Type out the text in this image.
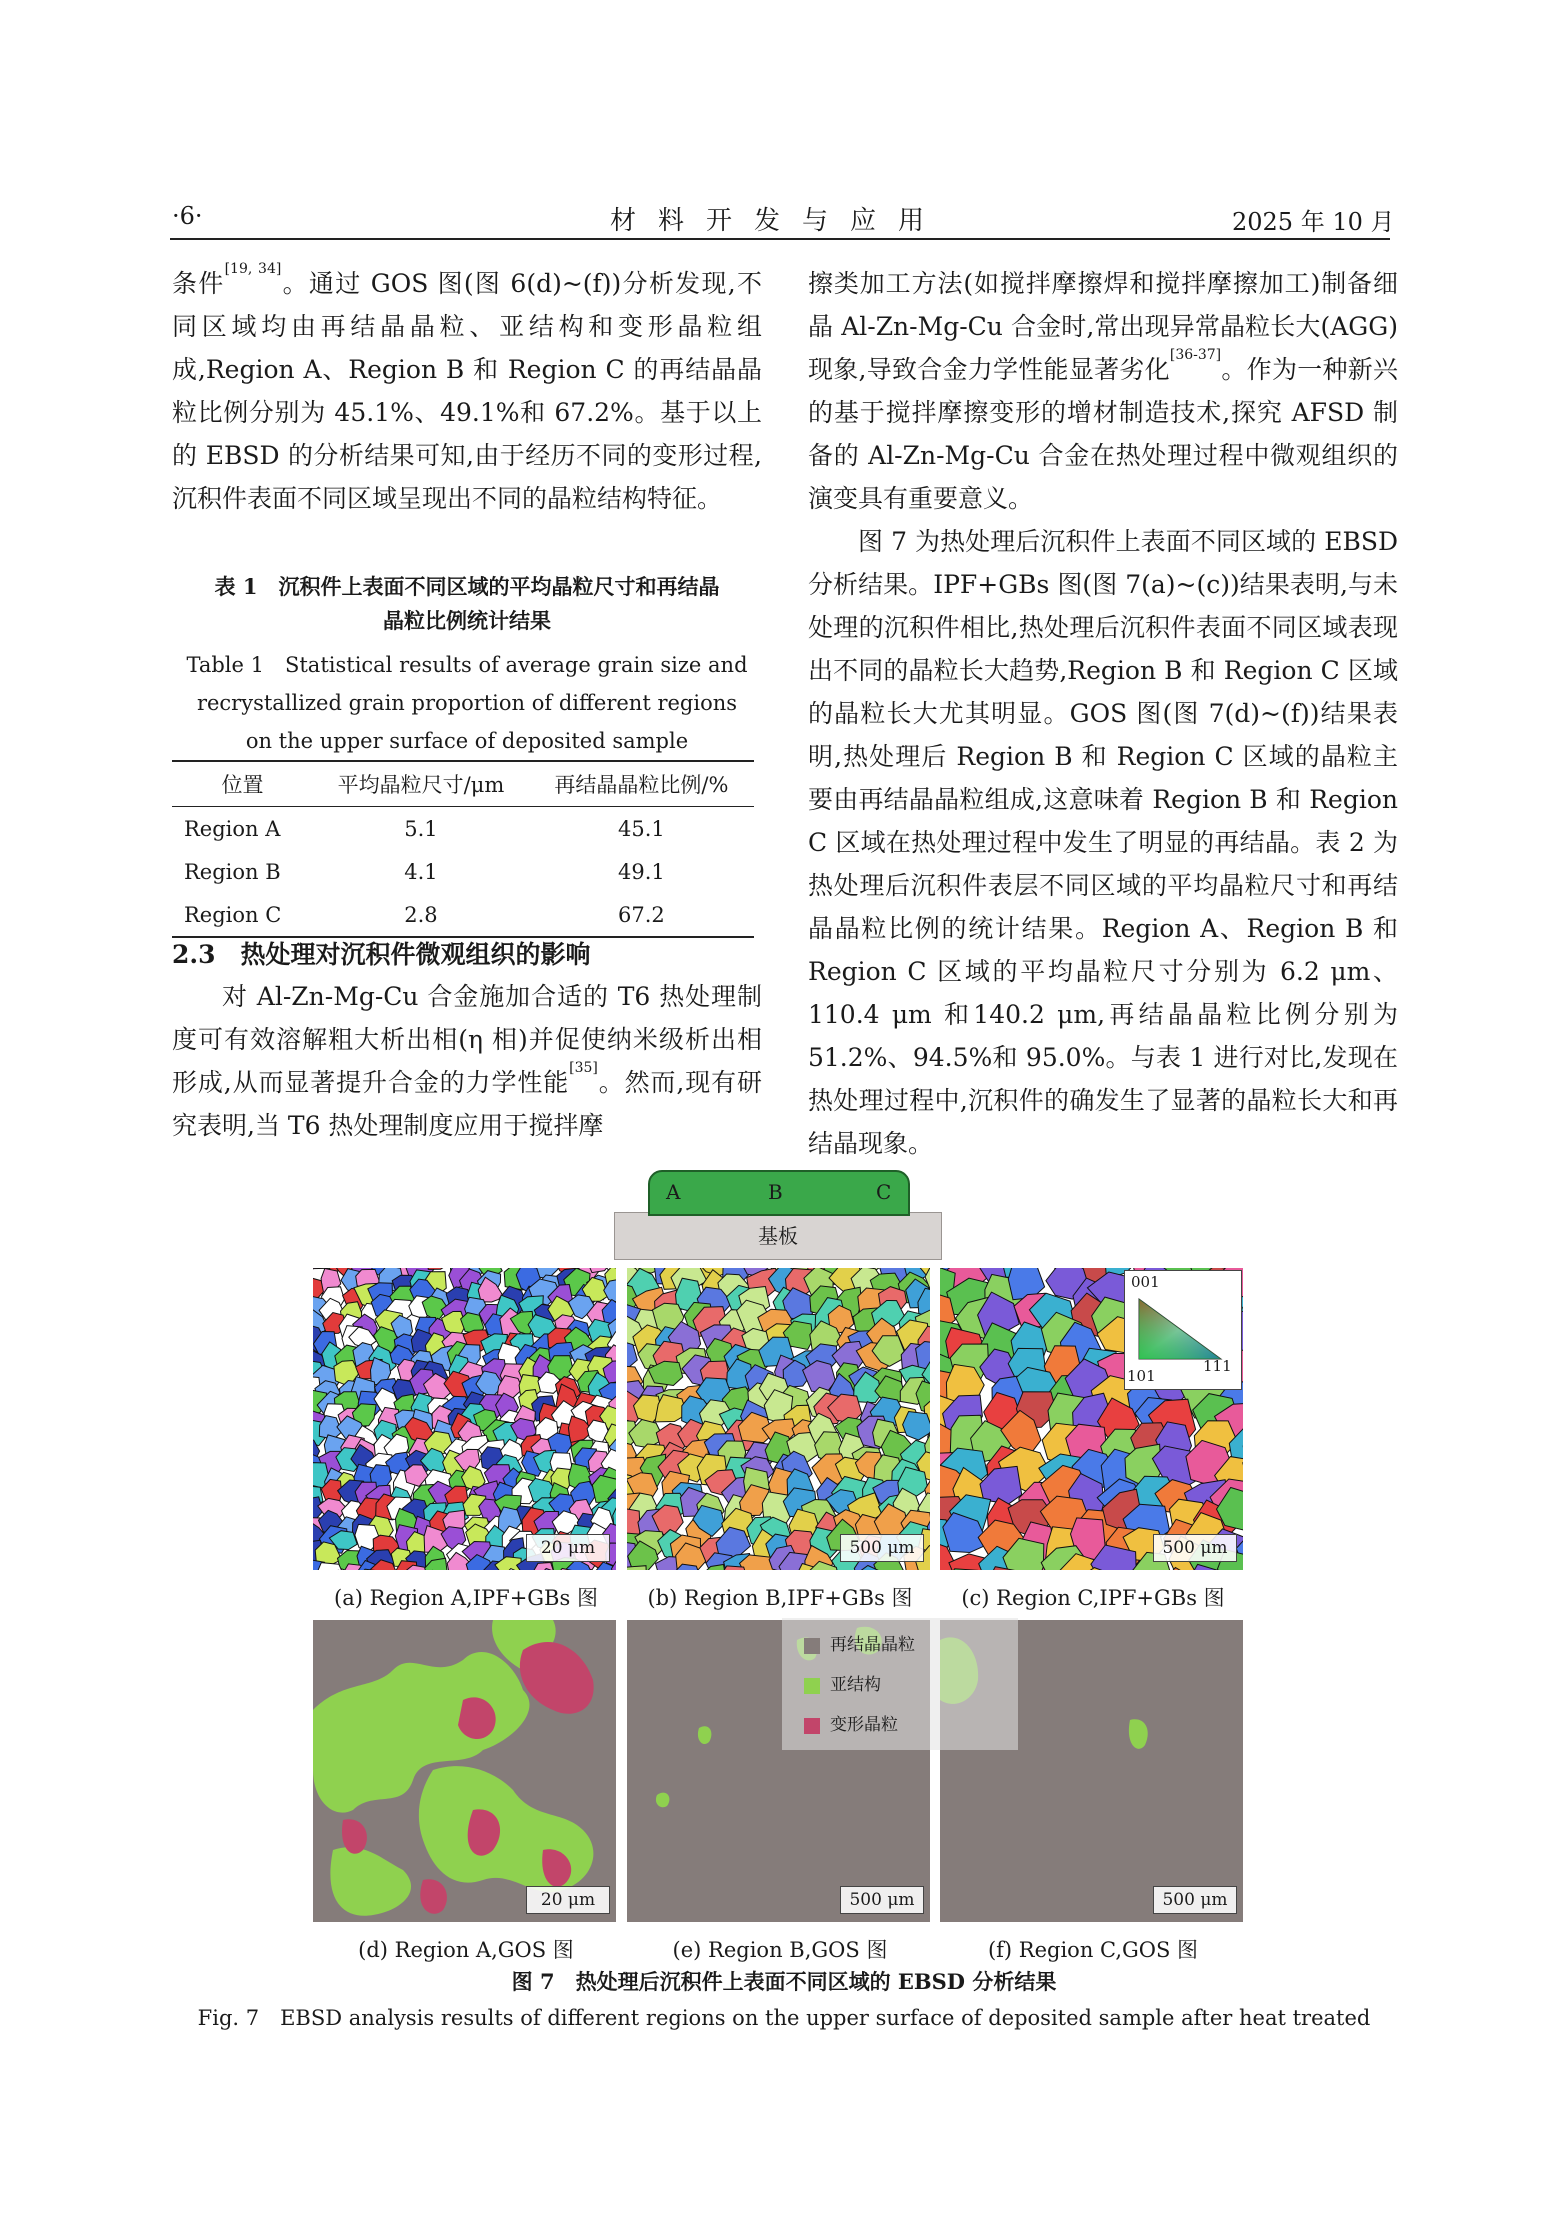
·6·	材料开发与应用	2025 年 10 月

条件[19, 34]。通过 GOS 图(图 6(d)~(f))分析发现,不同区域均由再结晶晶粒、亚结构和变形晶粒组成,Region A、Region B 和 Region C 的再结晶晶粒比例分别为 45.1%、49.1%和 67.2%。基于以上的 EBSD 的分析结果可知,由于经历不同的变形过程,沉积件表面不同区域呈现出不同的晶粒结构特征。

表 1　沉积件上表面不同区域的平均晶粒尺寸和再结晶
晶粒比例统计结果
Table 1　Statistical results of average grain size and
recrystallized grain proportion of different regions
on the upper surface of deposited sample
位置	平均晶粒尺寸/μm	再结晶晶粒比例/%
Region A	5.1	45.1
Region B	4.1	49.1
Region C	2.8	67.2
2.3　热处理对沉积件微观组织的影响

对 Al-Zn-Mg-Cu 合金施加合适的 T6 热处理制度可有效溶解粗大析出相(η 相)并促使纳米级析出相形成,从而显著提升合金的力学性能[35]。然而,现有研究表明,当 T6 热处理制度应用于搅拌摩

擦类加工方法(如搅拌摩擦焊和搅拌摩擦加工)制备细晶 Al-Zn-Mg-Cu 合金时,常出现异常晶粒长大(AGG)现象,导致合金力学性能显著劣化[36-37]。作为一种新兴的基于搅拌摩擦变形的增材制造技术,探究 AFSD 制备的 Al-Zn-Mg-Cu 合金在热处理过程中微观组织的演变具有重要意义。

图 7 为热处理后沉积件上表面不同区域的 EBSD 分析结果。IPF+GBs 图(图 7(a)~(c))结果表明,与未处理的沉积件相比,热处理后沉积件表面不同区域表现出不同的晶粒长大趋势,Region B 和 Region C 区域的晶粒长大尤其明显。GOS 图(图 7(d)~(f))结果表明,热处理后 Region B 和 Region C 区域的晶粒主要由再结晶晶粒组成,这意味着 Region B 和 Region C 区域在热处理过程中发生了明显的再结晶。表 2 为热处理后沉积件表层不同区域的平均晶粒尺寸和再结晶晶粒比例的统计结果。Region A、Region B 和 Region C 区域的平均晶粒尺寸分别为 6.2 μm、110.4 μm 和140.2 μm,再结晶晶粒比例分别为 51.2%、94.5%和 95.0%。与表 1 进行对比,发现在热处理过程中,沉积件的确发生了显著的晶粒长大和再结晶现象。

基板
A	B	C
20 μm	500 μm
001
101
111
500 μm
(a) Region A,IPF+GBs 图	(b) Region B,IPF+GBs 图	(c) Region C,IPF+GBs 图
20 μm	500 μm	500 μm
再结晶晶粒
亚结构
变形晶粒
(d) Region A,GOS 图	(e) Region B,GOS 图	(f) Region C,GOS 图
图 7　热处理后沉积件上表面不同区域的 EBSD 分析结果
Fig. 7　EBSD analysis results of different regions on the upper surface of deposited sample after heat treated
